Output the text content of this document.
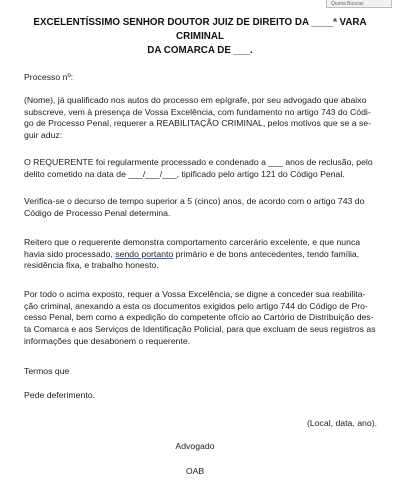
Quinta Buscas
EXCELENTÍSSIMO SENHOR DOUTOR JUIZ DE DIREITO DA ____ª VARA CRIMINAL
DA COMARCA DE ___.

Processo nº:

(Nome), já qualificado nos autos do processo em epígrafe, por seu advogado que abaixo
subscreve, vem à presença de Vossa Excelência, com fundamento no artigo 743 do Códi-
go de Processo Penal, requerer a REABILITAÇÃO CRIMINAL, pelos motivos que se a se-
guir aduz:

O REQUERENTE foi regularmente processado e condenado a ___ anos de reclusão, pelo
delito cometido na data de ___/___/___, tipificado pelo artigo 121 do Código Penal.

Verifica-se o decurso de tempo superior a 5 (cinco) anos, de acordo com o artigo 743 do
Código de Processo Penal determina.

Reitero que o requerente demonstra comportamento carcerário excelente, e que nunca
havia sido processado, sendo portanto primário e de bons antecedentes, tendo família,
residência fixa, e trabalho honesto.

Por todo o acima exposto, requer a Vossa Excelência, se digne a conceder sua reabilita-
ção criminal, anexando a esta os documentos exigidos pelo artigo 744 do Código de Pro-
cesso Penal, bem como a expedição do competente ofício ao Cartório de Distribuição des-
ta Comarca e aos Serviços de Identificação Policial, para que excluam de seus registros as
informações que desabonem o requerente.

Termos que

Pede deferimento.

(Local, data, ano).

Advogado

OAB
